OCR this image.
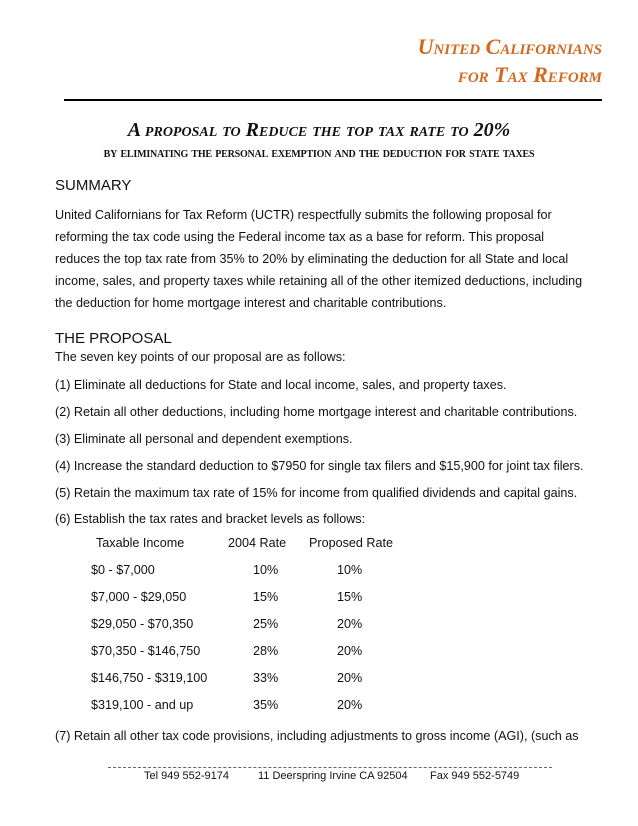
United Californians
for Tax Reform
A proposal to Reduce the top tax rate to 20%
by eliminating the personal exemption and the deduction for state taxes
SUMMARY
United Californians for Tax Reform (UCTR) respectfully submits the following proposal for
reforming the tax code using the Federal income tax as a base for reform. This proposal
reduces the top tax rate from 35% to 20% by eliminating the deduction for all State and local
income, sales, and property taxes while retaining all of the other itemized deductions, including
the deduction for home mortgage interest and charitable contributions.
THE PROPOSAL
The seven key points of our proposal are as follows:
(1) Eliminate all deductions for State and local income, sales, and property taxes.
(2) Retain all other deductions, including home mortgage interest and charitable contributions.
(3) Eliminate all personal and dependent exemptions.
(4) Increase the standard deduction to $7950 for single tax filers and $15,900 for joint tax filers.
(5) Retain the maximum tax rate of 15% for income from qualified dividends and capital gains.
(6) Establish the tax rates and bracket levels as follows:
Taxable Income	2004 Rate Proposed Rate
$0 - $7,000	10%	10%
$7,000 - $29,050	15%	15%
$29,050 - $70,350	25%	20%
$70,350 - $146,750	28%	20%
$146,750 - $319,100	33%	20%
$319,100 - and up	35%	20%
(7) Retain all other tax code provisions, including adjustments to gross income (AGI), (such as
Tel 949 552-9174	11 Deerspring Irvine CA 92504 Fax 949 552-5749
